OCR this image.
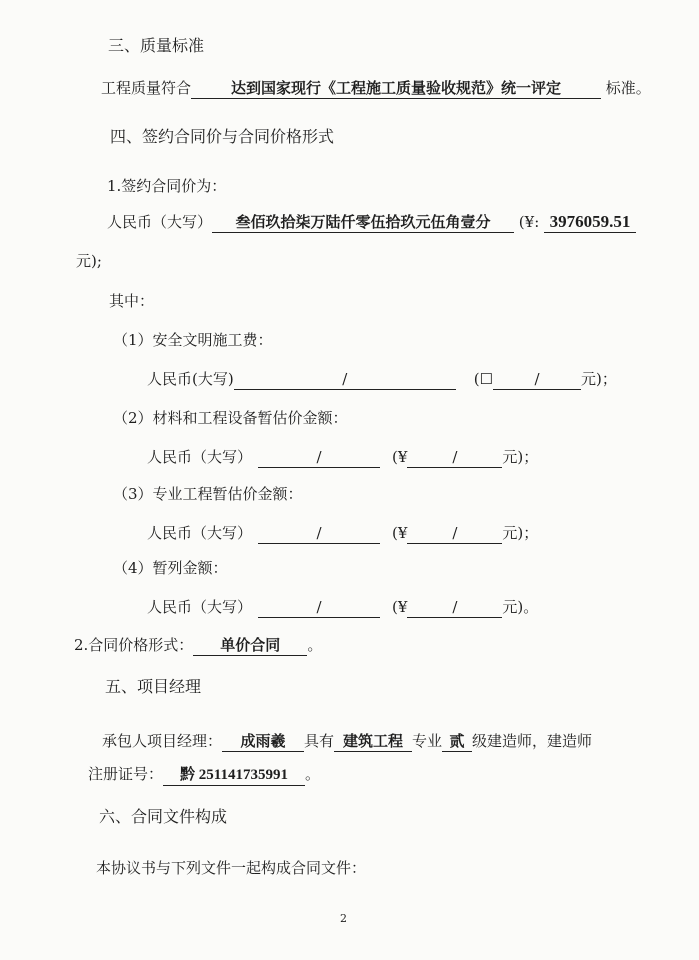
三、质量标准
工程质量符合	达到国家现行《工程施工质量验收规范》统一评定	标准。
四、签约合同价与合同价格形式
1.签约合同价为：
人民币（大写） 叁佰玖拾柒万陆仟零伍拾玖元伍角壹分 (¥: 3976059.51
元);
其中：
（1）安全文明施工费：
人民币(大写)	/	(☐	/	元)；
（2）材料和工程设备暂估价金额：
人民币（大写）	/	(¥	/	元)；
（3）专业工程暂估价金额：
人民币（大写）	/	(¥	/	元)；
（4）暂列金额：
人民币（大写）	/	(¥	/	元)。
2.合同价格形式： 单价合同 。
五、项目经理
承包人项目经理： 成雨羲 具有 建筑工程 专业 贰 级建造师，建造师
注册证号： 黔 251141735991 。
六、合同文件构成
本协议书与下列文件一起构成合同文件：
2
